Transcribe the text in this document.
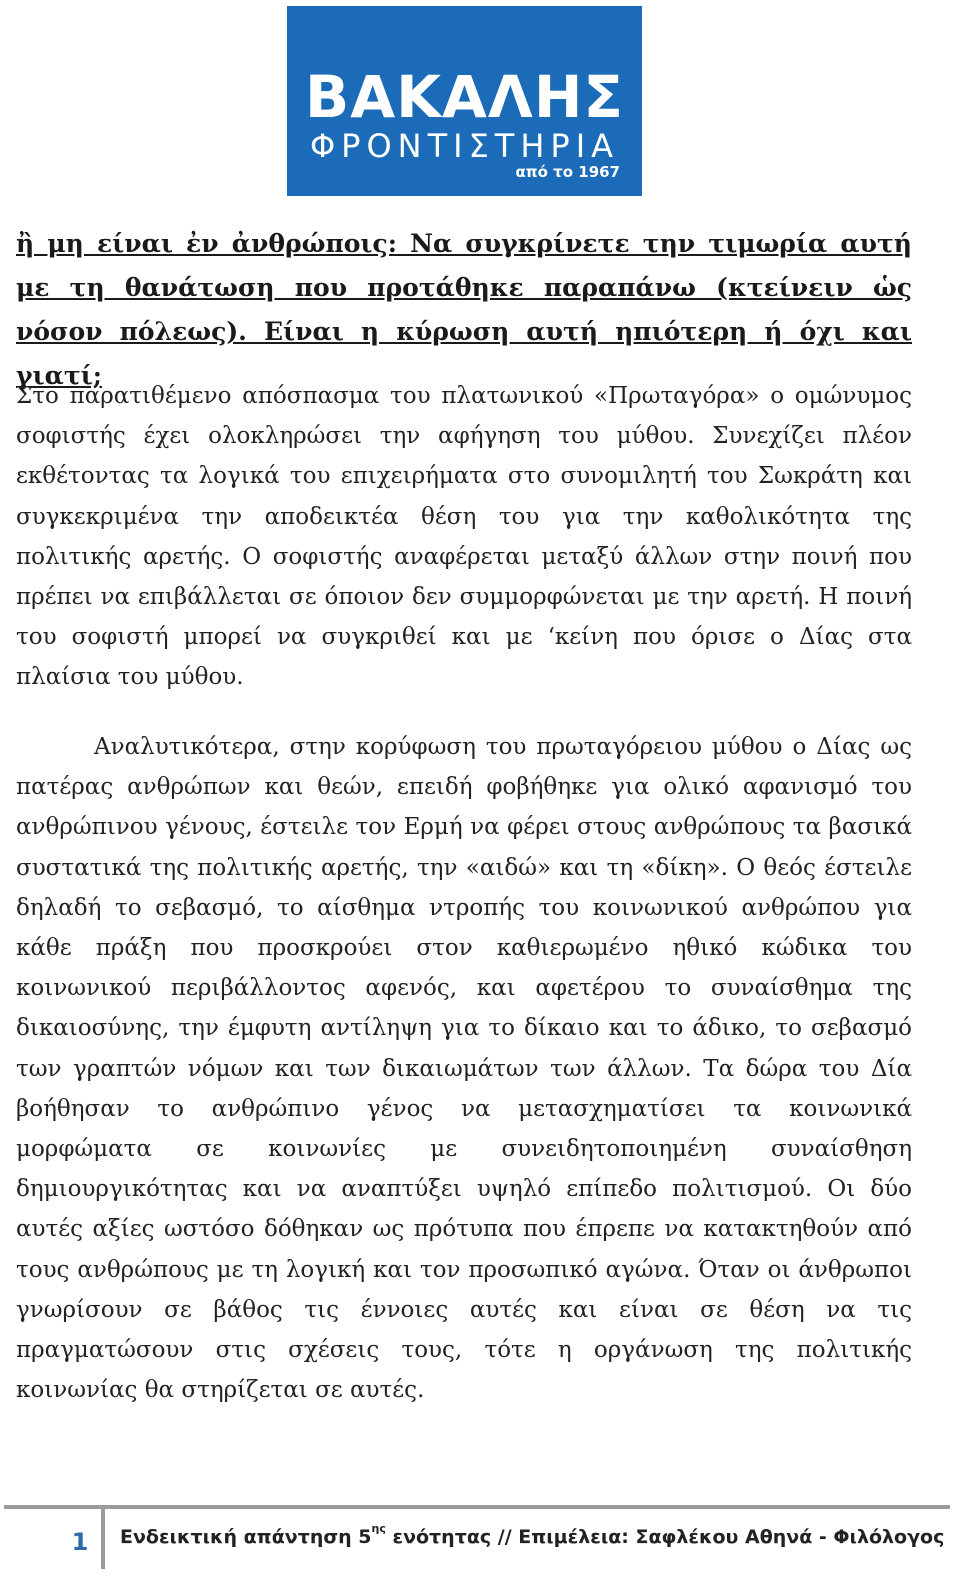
ΒΑΚΑΛΗΣ
ΦΡΟΝΤΙΣΤΗΡΙΑ
από το 1967
ἢ μη είναι ἐν ἀνθρώποις: Να συγκρίνετε την τιμωρία αυτή με τη θανάτωση που προτάθηκε παραπάνω (κτείνειν ὡς νόσον πόλεως). Είναι η κύρωση αυτή ηπιότερη ή όχι και γιατί;
Στο παρατιθέμενο απόσπασμα του πλατωνικού «Πρωταγόρα» ο ομώνυμος σοφιστής έχει ολοκληρώσει την αφήγηση του μύθου. Συνεχίζει πλέον εκθέτοντας τα λογικά του επιχειρήματα στο συνομιλητή του Σωκράτη και συγκεκριμένα την αποδεικτέα θέση του για την καθολικότητα της πολιτικής αρετής. Ο σοφιστής αναφέρεται μεταξύ άλλων στην ποινή που πρέπει να επιβάλλεται σε όποιον δεν συμμορφώνεται με την αρετή. Η ποινή του σοφιστή μπορεί να συγκριθεί και με ‘κείνη που όρισε ο Δίας στα πλαίσια του μύθου.
Αναλυτικότερα, στην κορύφωση του πρωταγόρειου μύθου ο Δίας ως πατέρας ανθρώπων και θεών, επειδή φοβήθηκε για ολικό αφανισμό του ανθρώπινου γένους, έστειλε τον Ερμή να φέρει στους ανθρώπους τα βασικά συστατικά της πολιτικής αρετής, την «αιδώ» και τη «δίκη». Ο θεός έστειλε δηλαδή το σεβασμό, το αίσθημα ντροπής του κοινωνικού ανθρώπου για κάθε πράξη που προσκρούει στον καθιερωμένο ηθικό κώδικα του κοινωνικού περιβάλλοντος αφενός, και αφετέρου το συναίσθημα της δικαιοσύνης, την έμφυτη αντίληψη για το δίκαιο και το άδικο, το σεβασμό των γραπτών νόμων και των δικαιωμάτων των άλλων. Τα δώρα του Δία βοήθησαν το ανθρώπινο γένος να μετασχηματίσει τα κοινωνικά μορφώματα σε κοινωνίες με συνειδητοποιημένη συναίσθηση δημιουργικότητας και να αναπτύξει υψηλό επίπεδο πολιτισμού. Οι δύο αυτές αξίες ωστόσο δόθηκαν ως πρότυπα που έπρεπε να κατακτηθούν από τους ανθρώπους με τη λογική και τον προσωπικό αγώνα. Όταν οι άνθρωποι γνωρίσουν σε βάθος τις έννοιες αυτές και είναι σε θέση να τις πραγματώσουν στις σχέσεις τους, τότε η οργάνωση της πολιτικής κοινωνίας θα στηρίζεται σε αυτές.
1	Ενδεικτική απάντηση $5^{\eta\varsigma}$ ενότητας // Επιμέλεια: Σαφλέκου Αθηνά - Φιλόλογος
